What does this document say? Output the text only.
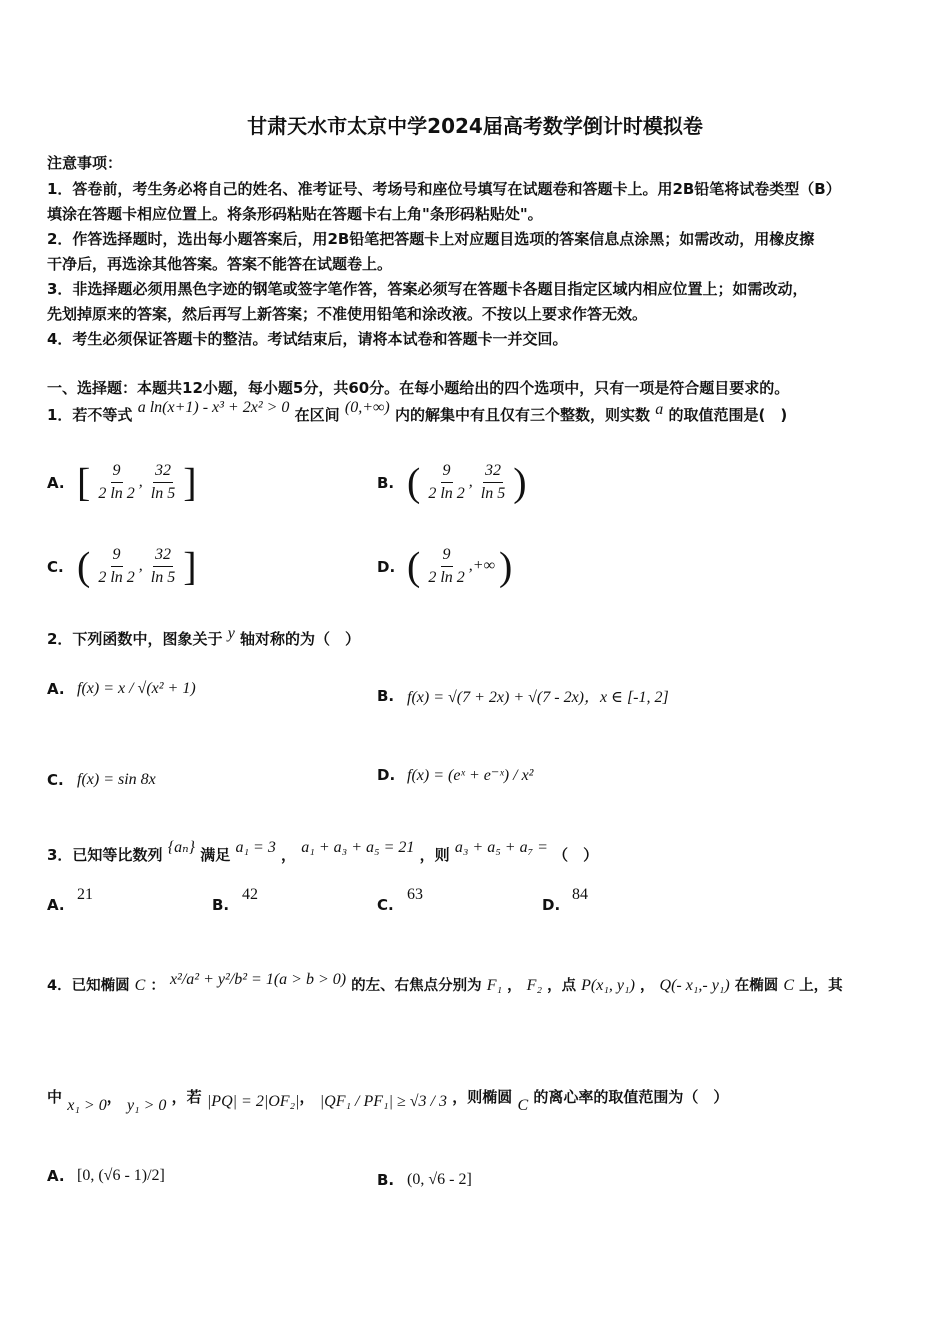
甘肃天水市太京中学2024届高考数学倒计时模拟卷
注意事项：
1．答卷前，考生务必将自己的姓名、准考证号、考场号和座位号填写在试题卷和答题卡上。用2B铅笔将试卷类型（B）
填涂在答题卡相应位置上。将条形码粘贴在答题卡右上角"条形码粘贴处"。
2．作答选择题时，选出每小题答案后，用2B铅笔把答题卡上对应题目选项的答案信息点涂黑；如需改动，用橡皮擦
干净后，再选涂其他答案。答案不能答在试题卷上。
3．非选择题必须用黑色字迹的钢笔或签字笔作答，答案必须写在答题卡各题目指定区域内相应位置上；如需改动，
先划掉原来的答案，然后再写上新答案；不准使用铅笔和涂改液。不按以上要求作答无效。
4．考生必须保证答题卡的整洁。考试结束后，请将本试卷和答题卡一并交回。
一、选择题：本题共12小题，每小题5分，共60分。在每小题给出的四个选项中，只有一项是符合题目要求的。
1．若不等式 a ln(x+1) - x³ + 2x² > 0 在区间 (0,+∞) 内的解集中有且仅有三个整数，则实数 a 的取值范围是(　)
A. [ $\frac{9}{2 \ln 2}$ , $\frac{32}{\ln 5}$ ]	B. ( $\frac{9}{2 \ln 2}$ , $\frac{32}{\ln 5}$ )
C. ( $\frac{9}{2 \ln 2}$ , $\frac{32}{\ln 5}$ ]	D. ( $\frac{9}{2 \ln 2}$ ,+∞ )
2．下列函数中，图象关于 y 轴对称的为（　）
A. f(x) = x / √(x² + 1)	B. f(x) = √(7 + 2x) + √(7 - 2x)，x ∈ [-1, 2]
C. f(x) = sin 8x	D. f(x) = (eˣ + e⁻ˣ) / x²
3．已知等比数列 {aₙ} 满足 a₁ = 3 ， a₁ + a₃ + a₅ = 21 ，则 a₃ + a₅ + a₇ = （　）
A.
21
B.
42
C.
63
D.
84
4．已知椭圆 C ： x²/a² + y²/b² = 1(a > b > 0) 的左、右焦点分别为 F₁ ， F₂ ，点 P(x₁, y₁) ， Q(- x₁,- y₁) 在椭圆 C 上，其
中 x₁ > 0， y₁ > 0 ，若 |PQ| = 2|OF₂|， |QF₁ / PF₁| ≥ √3 / 3 ，则椭圆 C 的离心率的取值范围为（　）
A. [0, (√6 - 1)/2]	B. (0, √6 - 2]
